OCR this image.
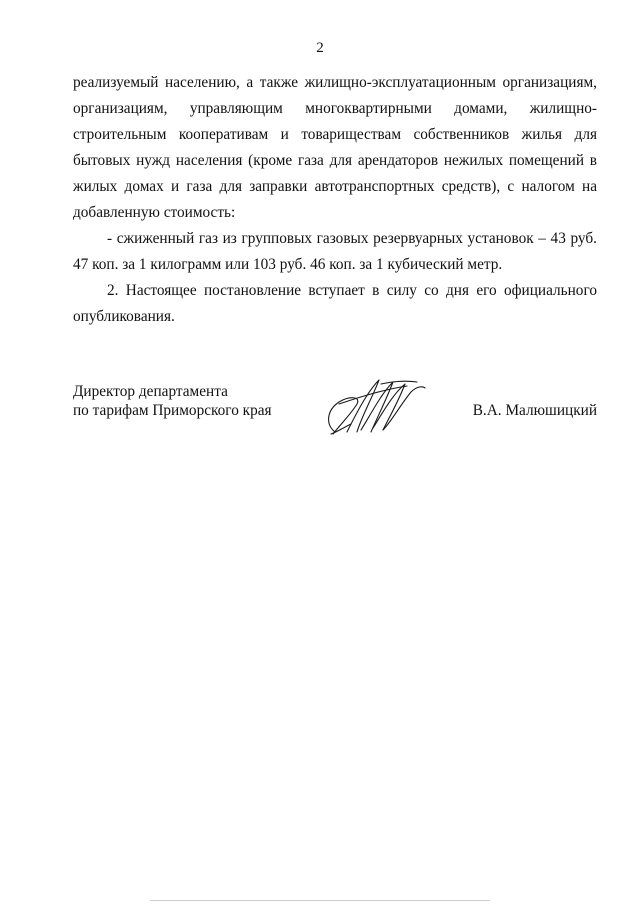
2

реализуемый населению, а также жилищно-эксплуатационным организациям, организациям, управляющим многоквартирными домами, жилищно-строительным кооперативам и товариществам собственников жилья для бытовых нужд населения (кроме газа для арендаторов нежилых помещений в жилых домах и газа для заправки автотранспортных средств), с налогом на добавленную стоимость:

- сжиженный газ из групповых газовых резервуарных установок – 43 руб. 47 коп. за 1 килограмм или 103 руб. 46 коп. за 1 кубический метр.

2. Настоящее постановление вступает в силу со дня его официального опубликования.

Директор департамента
по тарифам Приморского края	В.А. Малюшицкий
